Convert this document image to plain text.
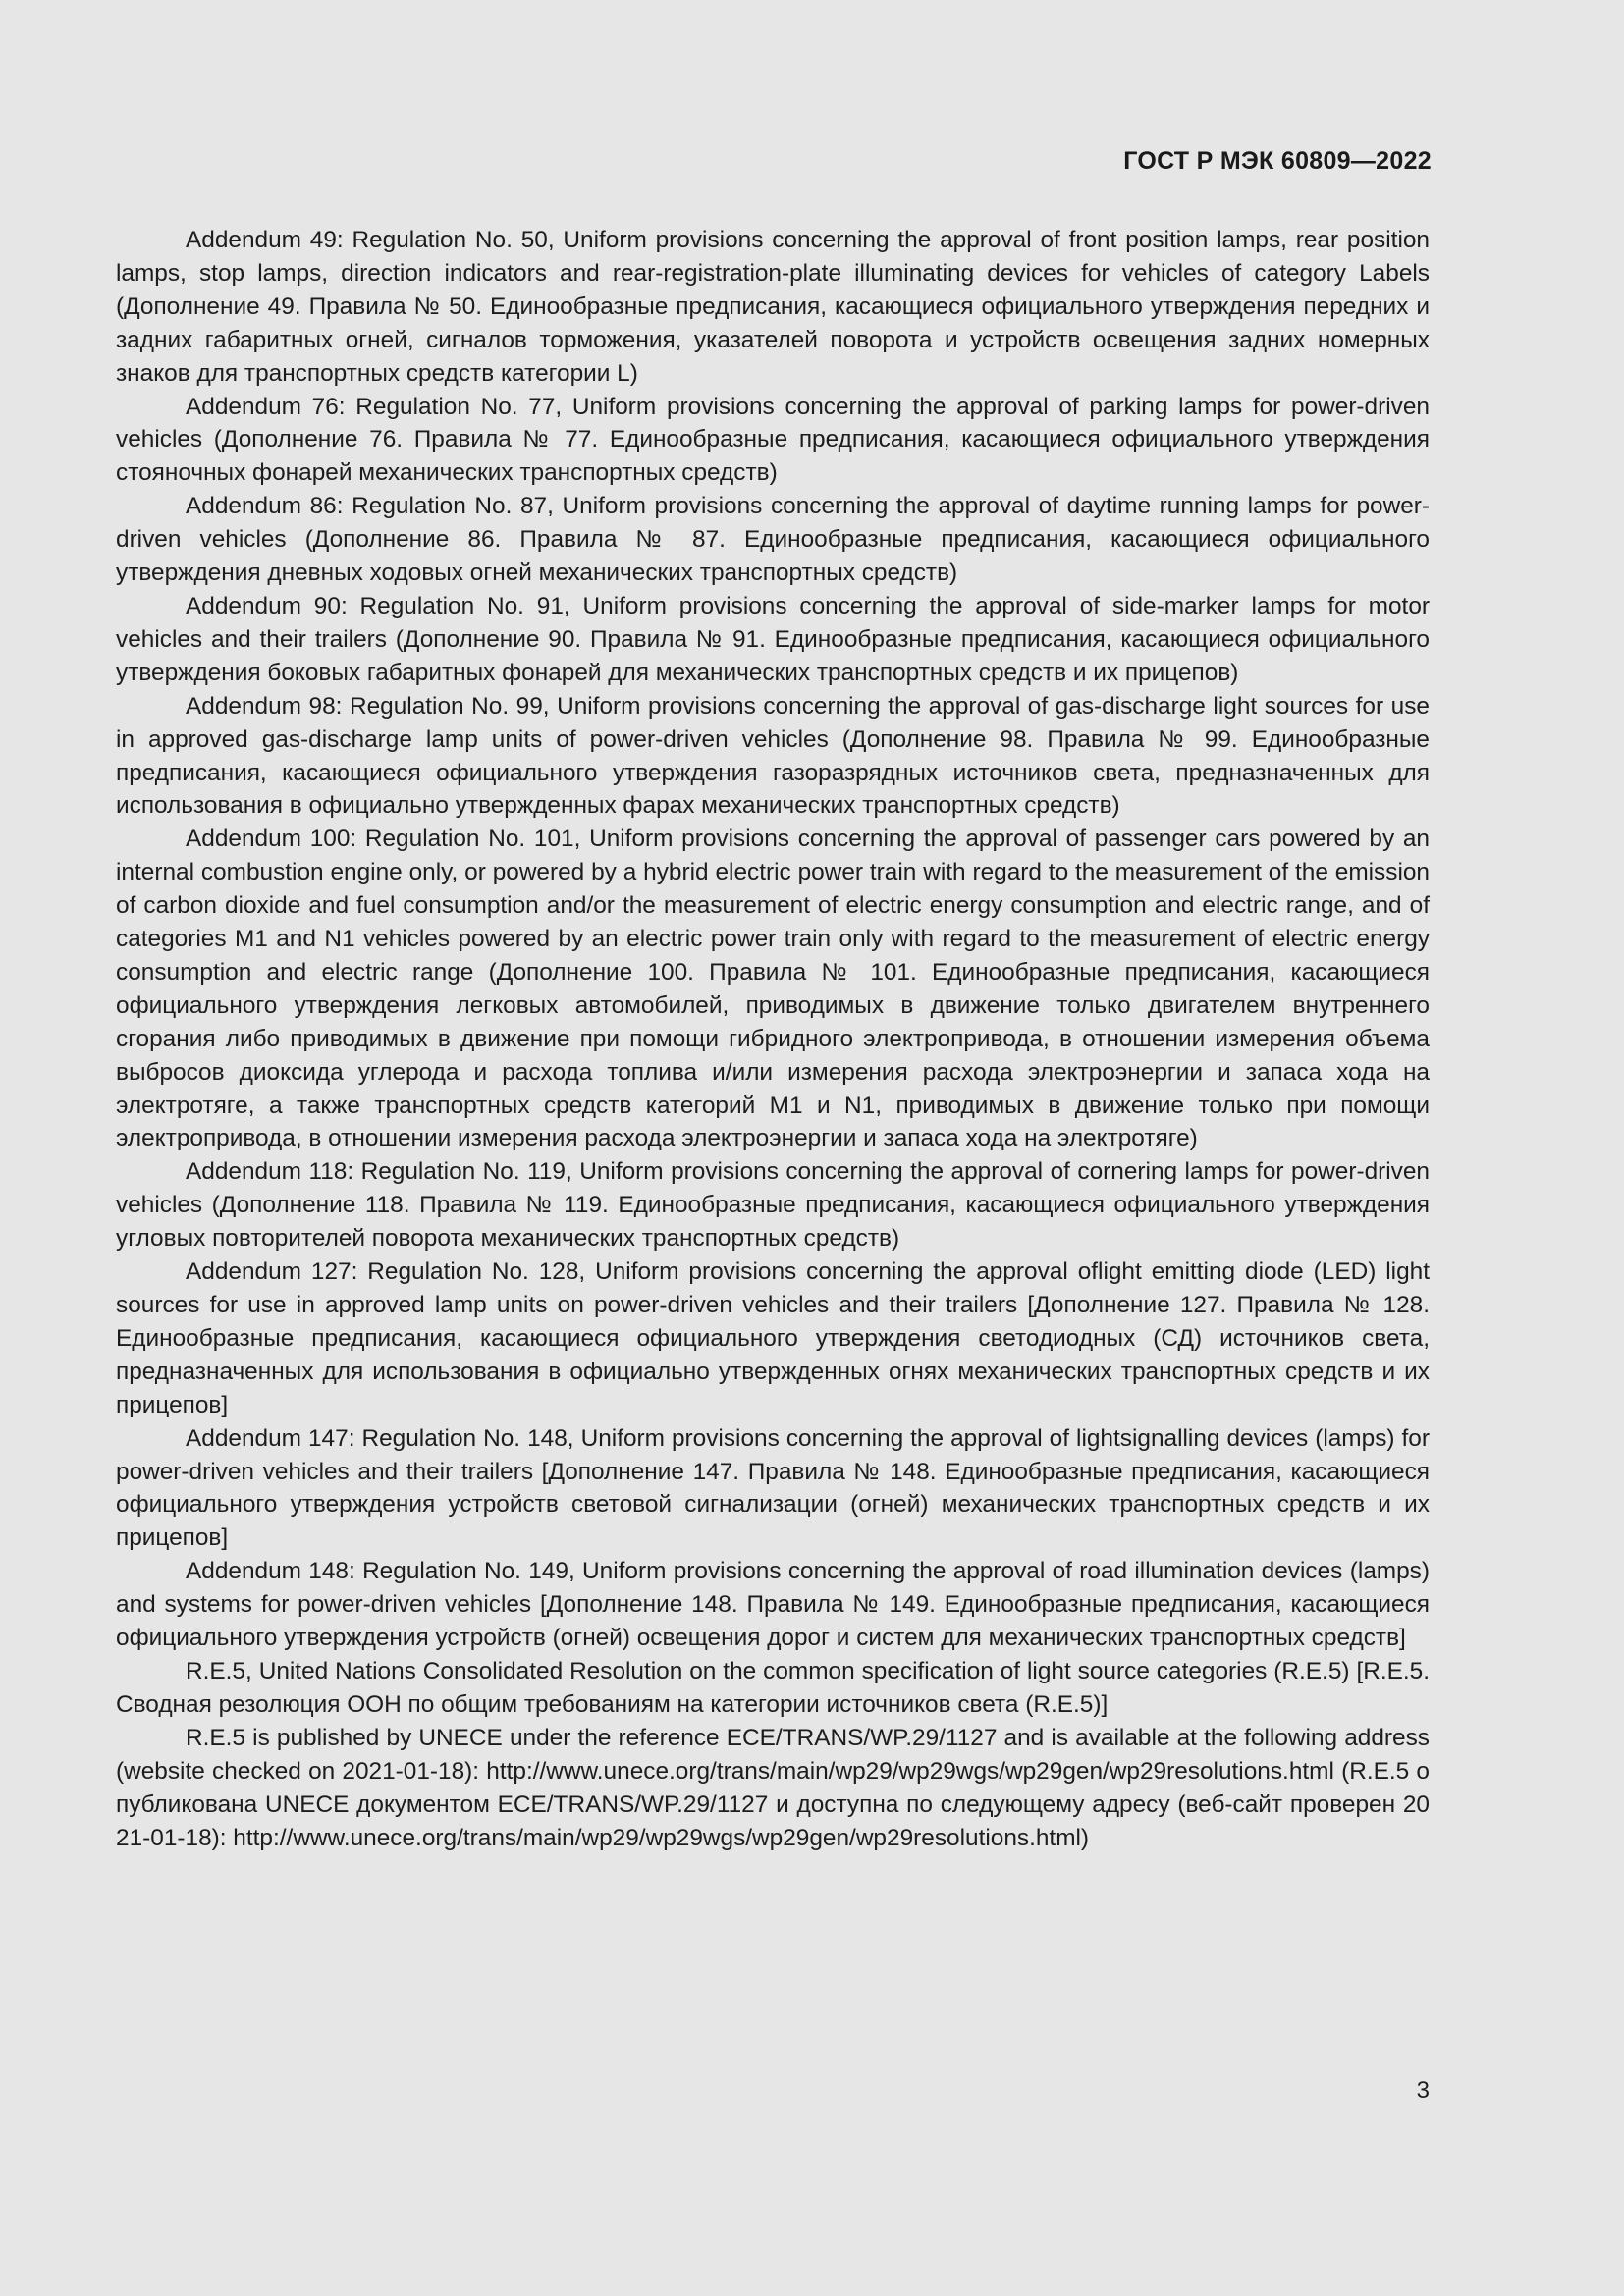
ГОСТ Р МЭК 60809—2022

Addendum 49: Regulation No. 50, Uniform provisions concerning the approval of front position lamps, rear position lamps, stop lamps, direction indicators and rear-registration-plate illuminating devices for vehicles of category Labels (Дополнение 49. Правила № 50. Единообразные предписания, касающиеся официального утверждения передних и задних габаритных огней, сигналов торможения, указателей поворота и устройств освещения задних номерных знаков для транспортных средств категории L)

Addendum 76: Regulation No. 77, Uniform provisions concerning the approval of parking lamps for power-driven vehicles (Дополнение 76. Правила № 77. Единообразные предписания, касающиеся официального утверждения стояночных фонарей механических транспортных средств)

Addendum 86: Regulation No. 87, Uniform provisions concerning the approval of daytime running lamps for power-driven vehicles (Дополнение 86. Правила № 87. Единообразные предписания, касающиеся официального утверждения дневных ходовых огней механических транспортных средств)

Addendum 90: Regulation No. 91, Uniform provisions concerning the approval of side-marker lamps for motor vehicles and their trailers (Дополнение 90. Правила № 91. Единообразные предписания, касающиеся официального утверждения боковых габаритных фонарей для механических транспортных средств и их прицепов)

Addendum 98: Regulation No. 99, Uniform provisions concerning the approval of gas-discharge light sources for use in approved gas-discharge lamp units of power-driven vehicles (Дополнение 98. Правила № 99. Единообразные предписания, касающиеся официального утверждения газоразрядных источников света, предназначенных для использования в официально утвержденных фарах механических транспортных средств)

Addendum 100: Regulation No. 101, Uniform provisions concerning the approval of passenger cars powered by an internal combustion engine only, or powered by a hybrid electric power train with regard to the measurement of the emission of carbon dioxide and fuel consumption and/or the measurement of electric energy consumption and electric range, and of categories M1 and N1 vehicles powered by an electric power train only with regard to the measurement of electric energy consumption and electric range (Дополнение 100. Правила № 101. Единообразные предписания, касающиеся официального утверждения легковых автомобилей, приводимых в движение только двигателем внутреннего сгорания либо приводимых в движение при помощи гибридного электропривода, в отношении измерения объема выбросов диоксида углерода и расхода топлива и/или измерения расхода электроэнергии и запаса хода на электротяге, а также транспортных средств категорий M1 и N1, приводимых в движение только при помощи электропривода, в отношении измерения расхода электроэнергии и запаса хода на электротяге)

Addendum 118: Regulation No. 119, Uniform provisions concerning the approval of cornering lamps for power-driven vehicles (Дополнение 118. Правила № 119. Единообразные предписания, касающиеся официального утверждения угловых повторителей поворота механических транспортных средств)

Addendum 127: Regulation No. 128, Uniform provisions concerning the approval oflight emitting diode (LED) light sources for use in approved lamp units on power-driven vehicles and their trailers [Дополнение 127. Правила № 128. Единообразные предписания, касающиеся официального утверждения светодиодных (СД) источников света, предназначенных для использования в официально утвержденных огнях механических транспортных средств и их прицепов]

Addendum 147: Regulation No. 148, Uniform provisions concerning the approval of lightsignalling devices (lamps) for power-driven vehicles and their trailers [Дополнение 147. Правила № 148. Единообразные предписания, касающиеся официального утверждения устройств световой сигнализации (огней) механических транспортных средств и их прицепов]

Addendum 148: Regulation No. 149, Uniform provisions concerning the approval of road illumination devices (lamps) and systems for power-driven vehicles [Дополнение 148. Правила № 149. Единообразные предписания, касающиеся официального утверждения устройств (огней) освещения дорог и систем для механических транспортных средств]

R.E.5, United Nations Consolidated Resolution on the common specification of light source categories (R.E.5) [R.E.5. Сводная резолюция ООН по общим требованиям на категории источников света (R.E.5)]

R.E.5 is published by UNECE under the reference ECE/TRANS/WP.29/1127 and is available at the following address (website checked on 2021-01-18): http://www.unece.org/trans/main/wp29/wp29wgs/wp29gen/wp29resolutions.html (R.E.5 опубликована UNECE документом ECE/TRANS/WP.29/1127 и доступна по следующему адресу (веб-сайт проверен 2021-01-18): http://www.unece.org/trans/main/wp29/wp29wgs/wp29gen/wp29resolutions.html)

3
